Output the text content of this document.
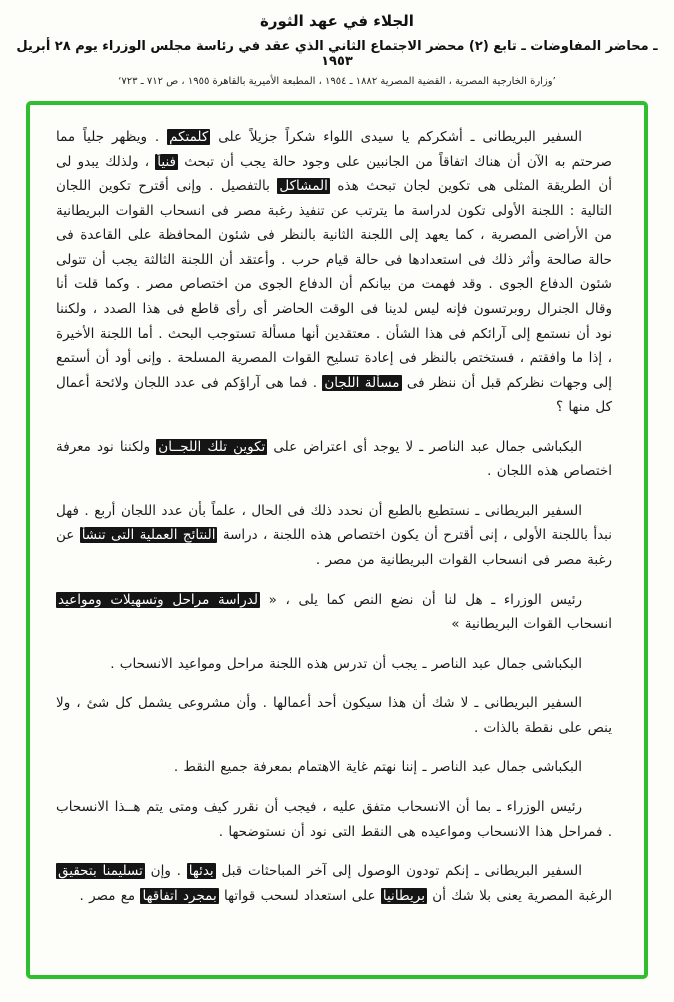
الجلاء في عهد الثورة
ـ محاضر المفاوضات ـ تابع (٢) محضر الاجتماع الثاني الذي عقد في رئاسة مجلس الوزراء يوم ٢٨ أبريل ١٩٥٣
’وزارة الخارجية المصرية ، القضية المصرية ١٨٨٢ ـ ١٩٥٤ ، المطبعة الأميرية بالقاهرة ١٩٥٥ ، ص ٧١٢ ـ ٧٢٣‘

السفير البريطانى ـ أشكركم يا سيدى اللواء شكراً جزيلاً على كلمتكم . ويظهر جلياً مما صرحتم به الآن أن هناك اتفاقاً من الجانبين على وجود حالة يجب أن تبحث فنياً ، ولذلك يبدو لى أن الطريقة المثلى هى تكوين لجان تبحث هذه المشاكل بالتفصيل . وإنى أقترح تكوين اللجان التالية : اللجنة الأولى تكون لدراسة ما يترتب عن تنفيذ رغبة مصر فى انسحاب القوات البريطانية من الأراضى المصرية ، كما يعهد إلى اللجنة الثانية بالنظر فى شئون المحافظة على القاعدة فى حالة صالحة وأثر ذلك فى استعدادها فى حالة قيام حرب . وأعتقد أن اللجنة الثالثة يجب أن تتولى شئون الدفاع الجوى . وقد فهمت من بيانكم أن الدفاع الجوى من اختصاص مصر . وكما قلت أنا وقال الجنرال روبرتسون فإنه ليس لدينا فى الوقت الحاضر أى رأى قاطع فى هذا الصدد ، ولكننا نود أن نستمع إلى آرائكم فى هذا الشأن . معتقدين أنها مسألة تستوجب البحث . أما اللجنة الأخيرة ، إذا ما وافقتم ، فستختص بالنظر فى إعادة تسليح القوات المصرية المسلحة . وإنى أود أن أستمع إلى وجهات نظركم قبل أن ننظر فى مسألة اللجان . فما هى آراؤكم فى عدد اللجان ولائحة أعمال كل منها ؟

البكباشى جمال عبد الناصر ـ لا يوجد أى اعتراض على تكوين تلك اللجــان ولكننا نود معرفة اختصاص هذه اللجان .

السفير البريطانى ـ نستطيع بالطبع أن نحدد ذلك فى الحال ، علماً بأن عدد اللجان أربع . فهل نبدأ باللجنة الأولى ، إنى أقترح أن يكون اختصاص هذه اللجنة ، دراسة النتائج العملية التى تنشأ عن رغبة مصر فى انسحاب القوات البريطانية من مصر .

رئيس الوزراء ـ هل لنا أن نضع النص كما يلى ، « لدراسة مراحل وتسهيلات ومواعيد انسحاب القوات البريطانية »

البكباشى جمال عبد الناصر ـ يجب أن تدرس هذه اللجنة مراحل ومواعيد الانسحاب .

السفير البريطانى ـ لا شك أن هذا سيكون أحد أعمالها . وأن مشروعى يشمل كل شئ ، ولا ينص على نقطة بالذات .

البكباشى جمال عبد الناصر ـ إننا نهتم غاية الاهتمام بمعرفة جميع النقط .

رئيس الوزراء ـ بما أن الانسحاب متفق عليه ، فيجب أن نقرر كيف ومتى يتم هــذا الانسحاب . فمراحل هذا الانسحاب ومواعيده هى النقط التى نود أن نستوضحها .

السفير البريطانى ـ إنكم تودون الوصول إلى آخر المباحثات قبل بدئها . وإن تسليمنا بتحقيق الرغبة المصرية يعنى بلا شك أن بريطانيا على استعداد لسحب قواتها بمجرد اتفاقها مع مصر .
